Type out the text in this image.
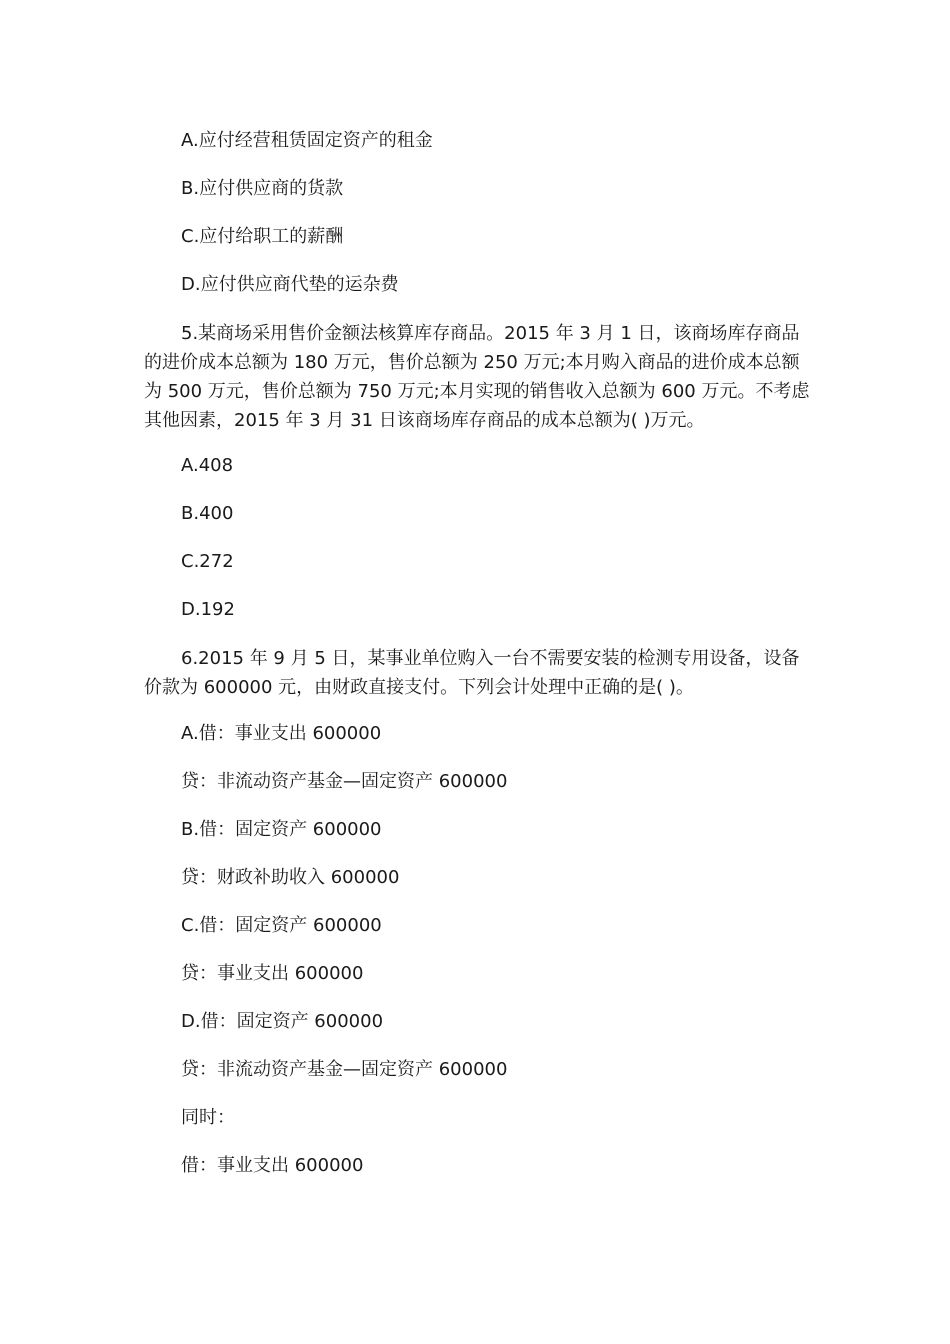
A.应付经营租赁固定资产的租金

B.应付供应商的货款

C.应付给职工的薪酬

D.应付供应商代垫的运杂费

5.某商场采用售价金额法核算库存商品。2015 年 3 月 1 日，该商场库存商品
的进价成本总额为 180 万元，售价总额为 250 万元;本月购入商品的进价成本总额
为 500 万元，售价总额为 750 万元;本月实现的销售收入总额为 600 万元。不考虑
其他因素，2015 年 3 月 31 日该商场库存商品的成本总额为( )万元。

A.408

B.400

C.272

D.192

6.2015 年 9 月 5 日，某事业单位购入一台不需要安装的检测专用设备，设备
价款为 600000 元，由财政直接支付。下列会计处理中正确的是( )。

A.借：事业支出 600000

贷：非流动资产基金—固定资产 600000

B.借：固定资产 600000

贷：财政补助收入 600000

C.借：固定资产 600000

贷：事业支出 600000

D.借：固定资产 600000

贷：非流动资产基金—固定资产 600000

同时：

借：事业支出 600000
